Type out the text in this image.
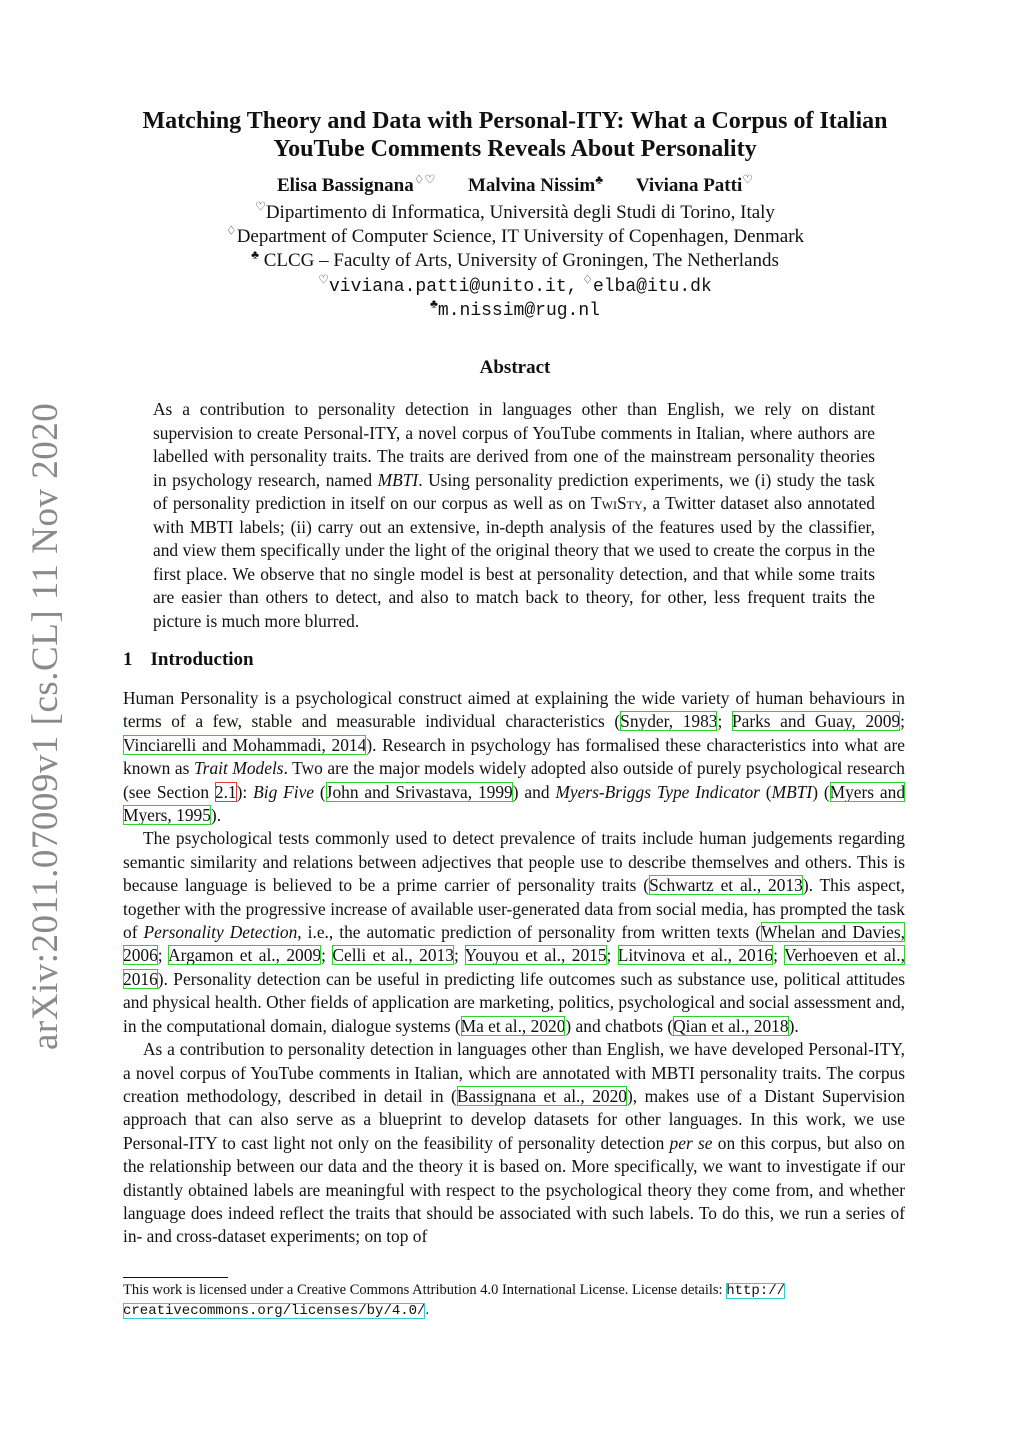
arXiv:2011.07009v1 [cs.CL] 11 Nov 2020
Matching Theory and Data with Personal-ITY: What a Corpus of Italian
YouTube Comments Reveals About Personality
Elisa Bassignana♢♡ Malvina Nissim♣ Viviana Patti♡
♡Dipartimento di Informatica, Università degli Studi di Torino, Italy
♢Department of Computer Science, IT University of Copenhagen, Denmark
♣ CLCG – Faculty of Arts, University of Groningen, The Netherlands
♡viviana.patti@unito.it, ♢elba@itu.dk
♣m.nissim@rug.nl
Abstract
As a contribution to personality detection in languages other than English, we rely on distant supervision to create Personal-ITY, a novel corpus of YouTube comments in Italian, where authors are labelled with personality traits. The traits are derived from one of the mainstream personality theories in psychology research, named MBTI. Using personality prediction experiments, we (i) study the task of personality prediction in itself on our corpus as well as on TwiSty, a Twitter dataset also annotated with MBTI labels; (ii) carry out an extensive, in-depth analysis of the features used by the classifier, and view them specifically under the light of the original theory that we used to create the corpus in the first place. We observe that no single model is best at personality detection, and that while some traits are easier than others to detect, and also to match back to theory, for other, less frequent traits the picture is much more blurred.
1 Introduction

Human Personality is a psychological construct aimed at explaining the wide variety of human behaviours in terms of a few, stable and measurable individual characteristics (Snyder, 1983; Parks and Guay, 2009; Vinciarelli and Mohammadi, 2014). Research in psychology has formalised these characteristics into what are known as Trait Models. Two are the major models widely adopted also outside of purely psychological research (see Section 2.1): Big Five (John and Srivastava, 1999) and Myers-Briggs Type Indicator (MBTI) (Myers and Myers, 1995).

The psychological tests commonly used to detect prevalence of traits include human judgements regarding semantic similarity and relations between adjectives that people use to describe themselves and others. This is because language is believed to be a prime carrier of personality traits (Schwartz et al., 2013). This aspect, together with the progressive increase of available user-generated data from social media, has prompted the task of Personality Detection, i.e., the automatic prediction of personality from written texts (Whelan and Davies, 2006; Argamon et al., 2009; Celli et al., 2013; Youyou et al., 2015; Litvinova et al., 2016; Verhoeven et al., 2016). Personality detection can be useful in predicting life outcomes such as substance use, political attitudes and physical health. Other fields of application are marketing, politics, psychological and social assessment and, in the computational domain, dialogue systems (Ma et al., 2020) and chatbots (Qian et al., 2018).

As a contribution to personality detection in languages other than English, we have developed Personal-ITY, a novel corpus of YouTube comments in Italian, which are annotated with MBTI personality traits. The corpus creation methodology, described in detail in (Bassignana et al., 2020), makes use of a Distant Supervision approach that can also serve as a blueprint to develop datasets for other languages. In this work, we use Personal-ITY to cast light not only on the feasibility of personality detection per se on this corpus, but also on the relationship between our data and the theory it is based on. More specifically, we want to investigate if our distantly obtained labels are meaningful with respect to the psychological theory they come from, and whether language does indeed reflect the traits that should be associated with such labels. To do this, we run a series of in- and cross-dataset experiments; on top of

This work is licensed under a Creative Commons Attribution 4.0 International License. License details: http://
creativecommons.org/licenses/by/4.0/.
